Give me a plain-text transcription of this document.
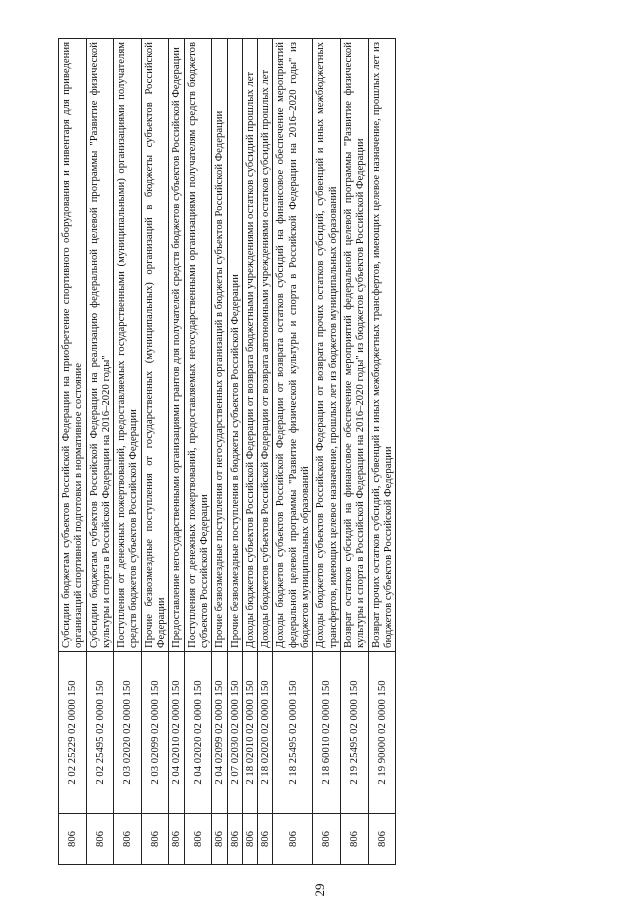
29
806	2 02 25229 02 0000 150	Субсидии бюджетам субъектов Российской Федерации на приобретение спортивного оборудования и инвентаря для приведения организаций спортивной подготовки в нормативное состояние
806	2 02 25495 02 0000 150	Субсидии бюджетам субъектов Российской Федерации на реализацию федеральной целевой программы "Развитие физической культуры и спорта в Российской Федерации на 2016–2020 годы"
806	2 03 02020 02 0000 150	Поступления от денежных пожертвований, предоставляемых государственными (муниципальными) организациями получателям средств бюджетов субъектов Российской Федерации
806	2 03 02099 02 0000 150	Прочие безвозмездные поступления от государственных (муниципальных) организаций в бюджеты субъектов Российской Федерации
806	2 04 02010 02 0000 150	Предоставление негосударственными организациями грантов для получателей средств бюджетов субъектов Российской Федерации
806	2 04 02020 02 0000 150	Поступления от денежных пожертвований, предоставляемых негосударственными организациями получателям средств бюджетов субъектов Российской Федерации
806	2 04 02099 02 0000 150	Прочие безвозмездные поступления от негосударственных организаций в бюджеты субъектов Российской Федерации
806	2 07 02030 02 0000 150	Прочие безвозмездные поступления в бюджеты субъектов Российской Федерации
806	2 18 02010 02 0000 150	Доходы бюджетов субъектов Российской Федерации от возврата бюджетными учреждениями остатков субсидий прошлых лет
806	2 18 02020 02 0000 150	Доходы бюджетов субъектов Российской Федерации от возврата автономными учреждениями остатков субсидий прошлых лет
806	2 18 25495 02 0000 150	Доходы бюджетов субъектов Российской Федерации от возврата остатков субсидий на финансовое обеспечение мероприятий федеральной целевой программы "Развитие физической культуры и спорта в Российской Федерации на 2016–2020 годы" из бюджетов муниципальных образований
806	2 18 60010 02 0000 150	Доходы бюджетов субъектов Российской Федерации от возврата прочих остатков субсидий, субвенций и иных межбюджетных трансфертов, имеющих целевое назначение, прошлых лет из бюджетов муниципальных образований
806	2 19 25495 02 0000 150	Возврат остатков субсидий на финансовое обеспечение мероприятий федеральной целевой программы "Развитие физической культуры и спорта в Российской Федерации на 2016–2020 годы" из бюджетов субъектов Российской Федерации
806	2 19 90000 02 0000 150	Возврат прочих остатков субсидий, субвенций и иных межбюджетных трансфертов, имеющих целевое назначение, прошлых лет из бюджетов субъектов Российской Федерации
